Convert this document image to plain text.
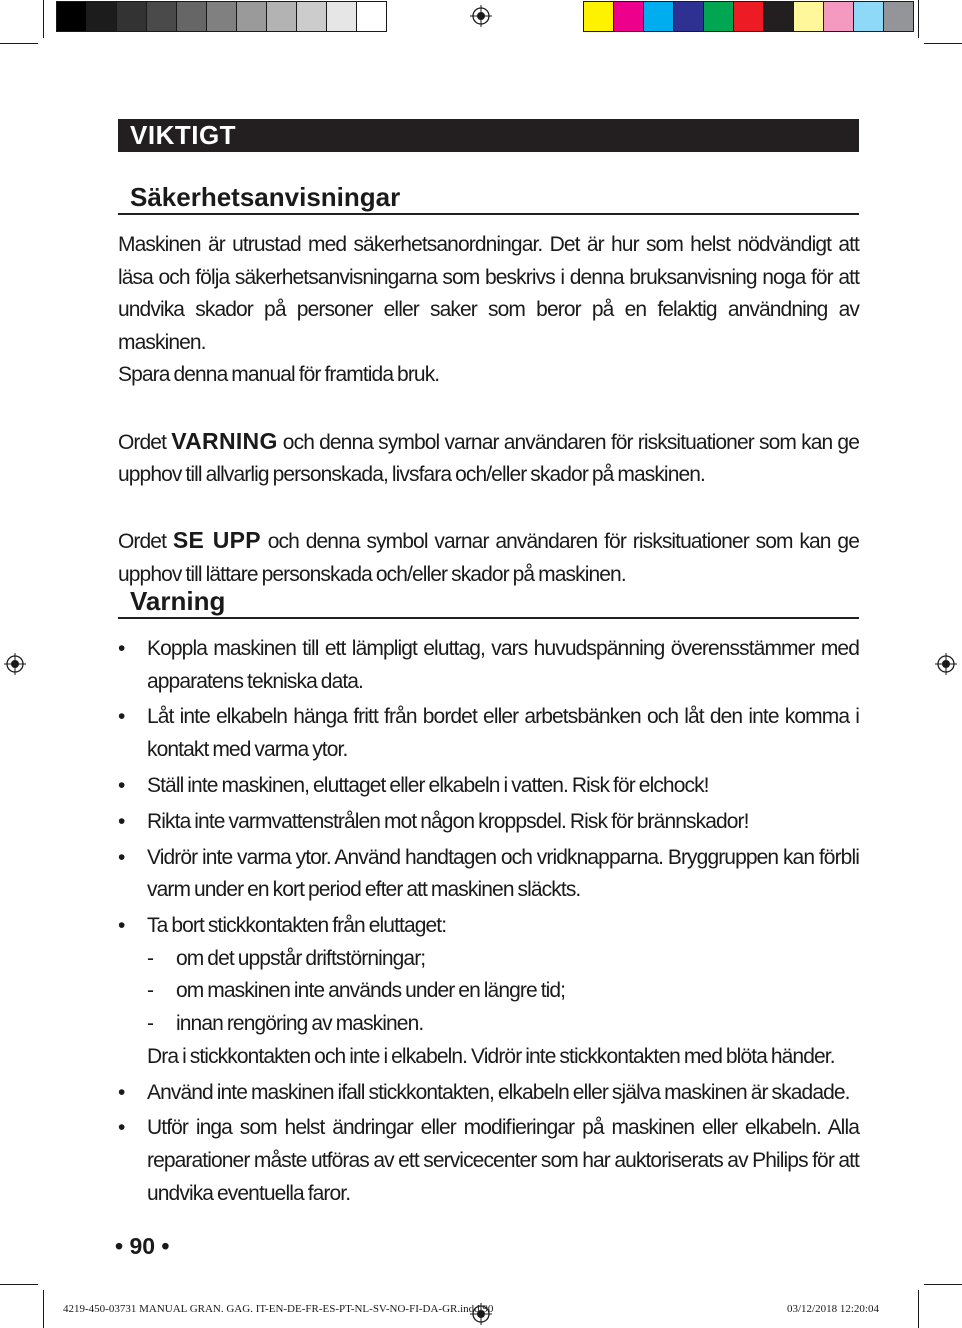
VIKTIGT
Säkerhetsanvisningar

Maskinen är utrustad med säkerhetsanordningar. Det är hur som helst nödvändigt att läsa och följa säkerhetsanvisningarna som beskrivs i denna bruksanvisning noga för att undvika skador på personer eller saker som beror på en felaktig användning av maskinen.

Spara denna manual för framtida bruk.

Ordet VARNING och denna symbol varnar användaren för risksituationer som kan ge upphov till allvarlig personskada, livsfara och/eller skador på maskinen.

Ordet SE UPP och denna symbol varnar användaren för risksituationer som kan ge upphov till lättare personskada och/eller skador på maskinen.

Varning
• Koppla maskinen till ett lämpligt eluttag, vars huvudspänning överensstämmer med apparatens tekniska data.
• Låt inte elkabeln hänga fritt från bordet eller arbetsbänken och låt den inte komma i kontakt med varma ytor.
• Ställ inte maskinen, eluttaget eller elkabeln i vatten. Risk för elchock!
• Rikta inte varmvattenstrålen mot någon kroppsdel. Risk för brännskador!
• Vidrör inte varma ytor. Använd handtagen och vridknapparna. Bryggruppen kan förbli varm under en kort period efter att maskinen släckts.
• Ta bort stickkontakten från eluttaget:
- om det uppstår driftstörningar;
- om maskinen inte används under en längre tid;
- innan rengöring av maskinen.
Dra i stickkontakten och inte i elkabeln. Vidrör inte stickkontakten med blöta händer.
• Använd inte maskinen ifall stickkontakten, elkabeln eller själva maskinen är skadade.
• Utför inga som helst ändringar eller modiﬁeringar på maskinen eller elkabeln. Alla reparationer måste utföras av ett servicecenter som har auktoriserats av Philips för att undvika eventuella faror.
• 90 •
4219-450-03731 MANUAL GRAN. GAG. IT-EN-DE-FR-ES-PT-NL-SV-NO-FI-DA-GR.indd 90	03/12/2018 12:20:04
